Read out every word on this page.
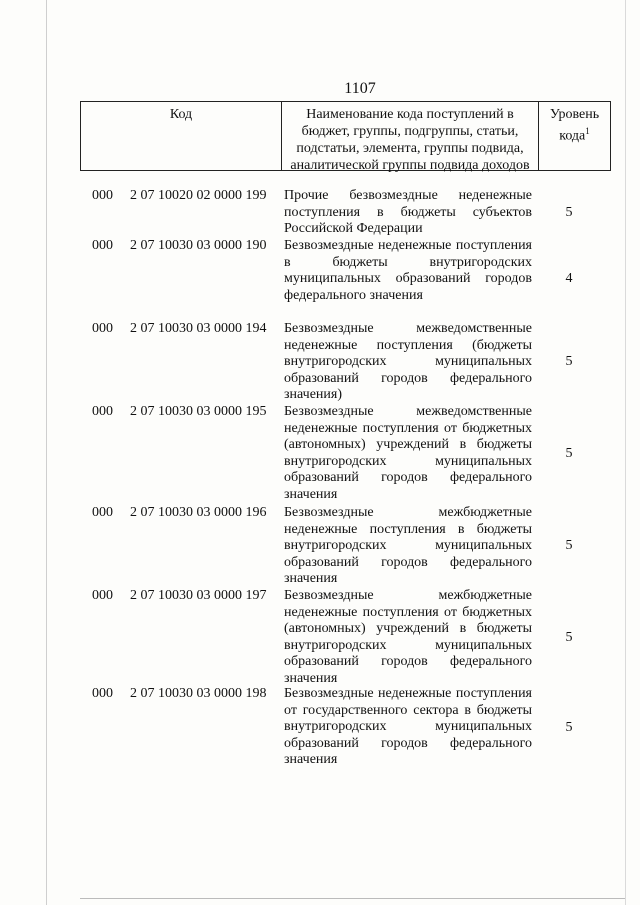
1107
Код	Наименование кода поступлений в бюджет, группы, подгруппы, статьи, подстатьи, элемента, группы подвида, аналитической группы подвида доходов
Уровень кода$^1$
000 2 07 10020 02 0000 199 Прочие безвозмездные неденежные поступления в бюджеты субъектов Российской Федерации
5
000 2 07 10030 03 0000 190 Безвозмездные неденежные поступления в бюджеты внутригородских муниципальных образований городов федерального значения
4
000 2 07 10030 03 0000 194 Безвозмездные межведомственные неденежные поступления (бюджеты внутригородских муниципальных образований городов федерального значения)
5
000 2 07 10030 03 0000 195 Безвозмездные межведомственные неденежные поступления от бюджетных (автономных) учреждений в бюджеты внутригородских муниципальных образований городов федерального значения
5
000 2 07 10030 03 0000 196 Безвозмездные межбюджетные неденежные поступления в бюджеты внутригородских муниципальных образований городов федерального значения
5
000 2 07 10030 03 0000 197 Безвозмездные межбюджетные неденежные поступления от бюджетных (автономных) учреждений в бюджеты внутригородских муниципальных образований городов федерального значения
5
000 2 07 10030 03 0000 198 Безвозмездные неденежные поступления от государственного сектора в бюджеты внутригородских муниципальных образований городов федерального значения
5
